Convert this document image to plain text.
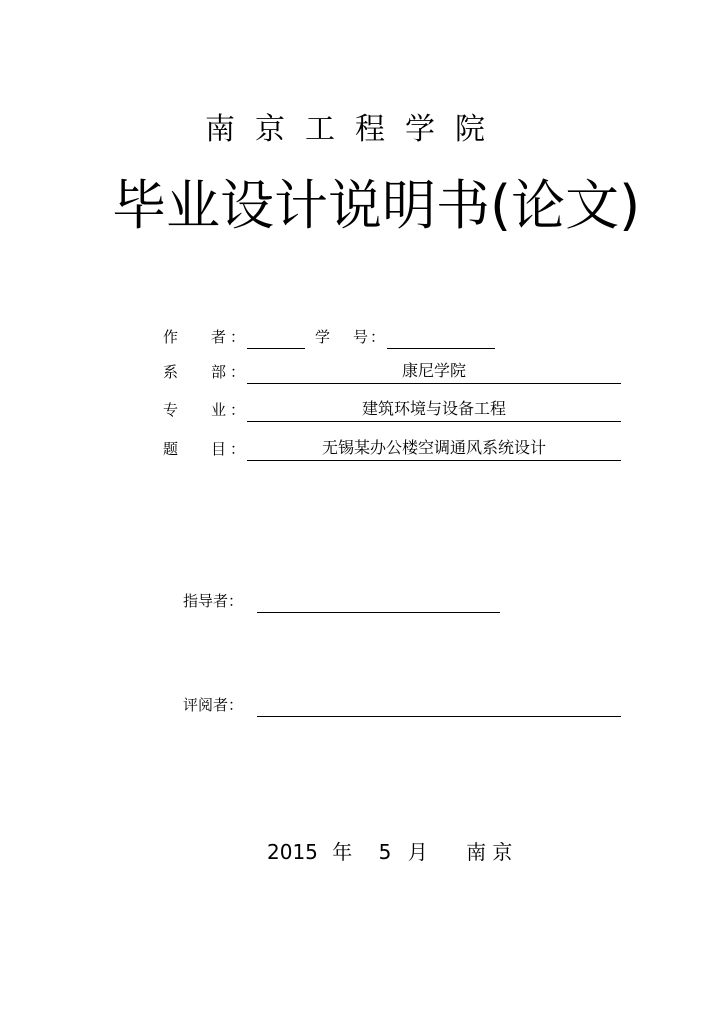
南京工程学院
毕业设计说明书(论文)
作 者 ：	学 号 ：
系 部 ：	康尼学院
专 业 ：	建筑环境与设备工程
题 目 ：	无锡某办公楼空调通风系统设计
指导者：
评阅者：
2015 年 5 月 南 京
